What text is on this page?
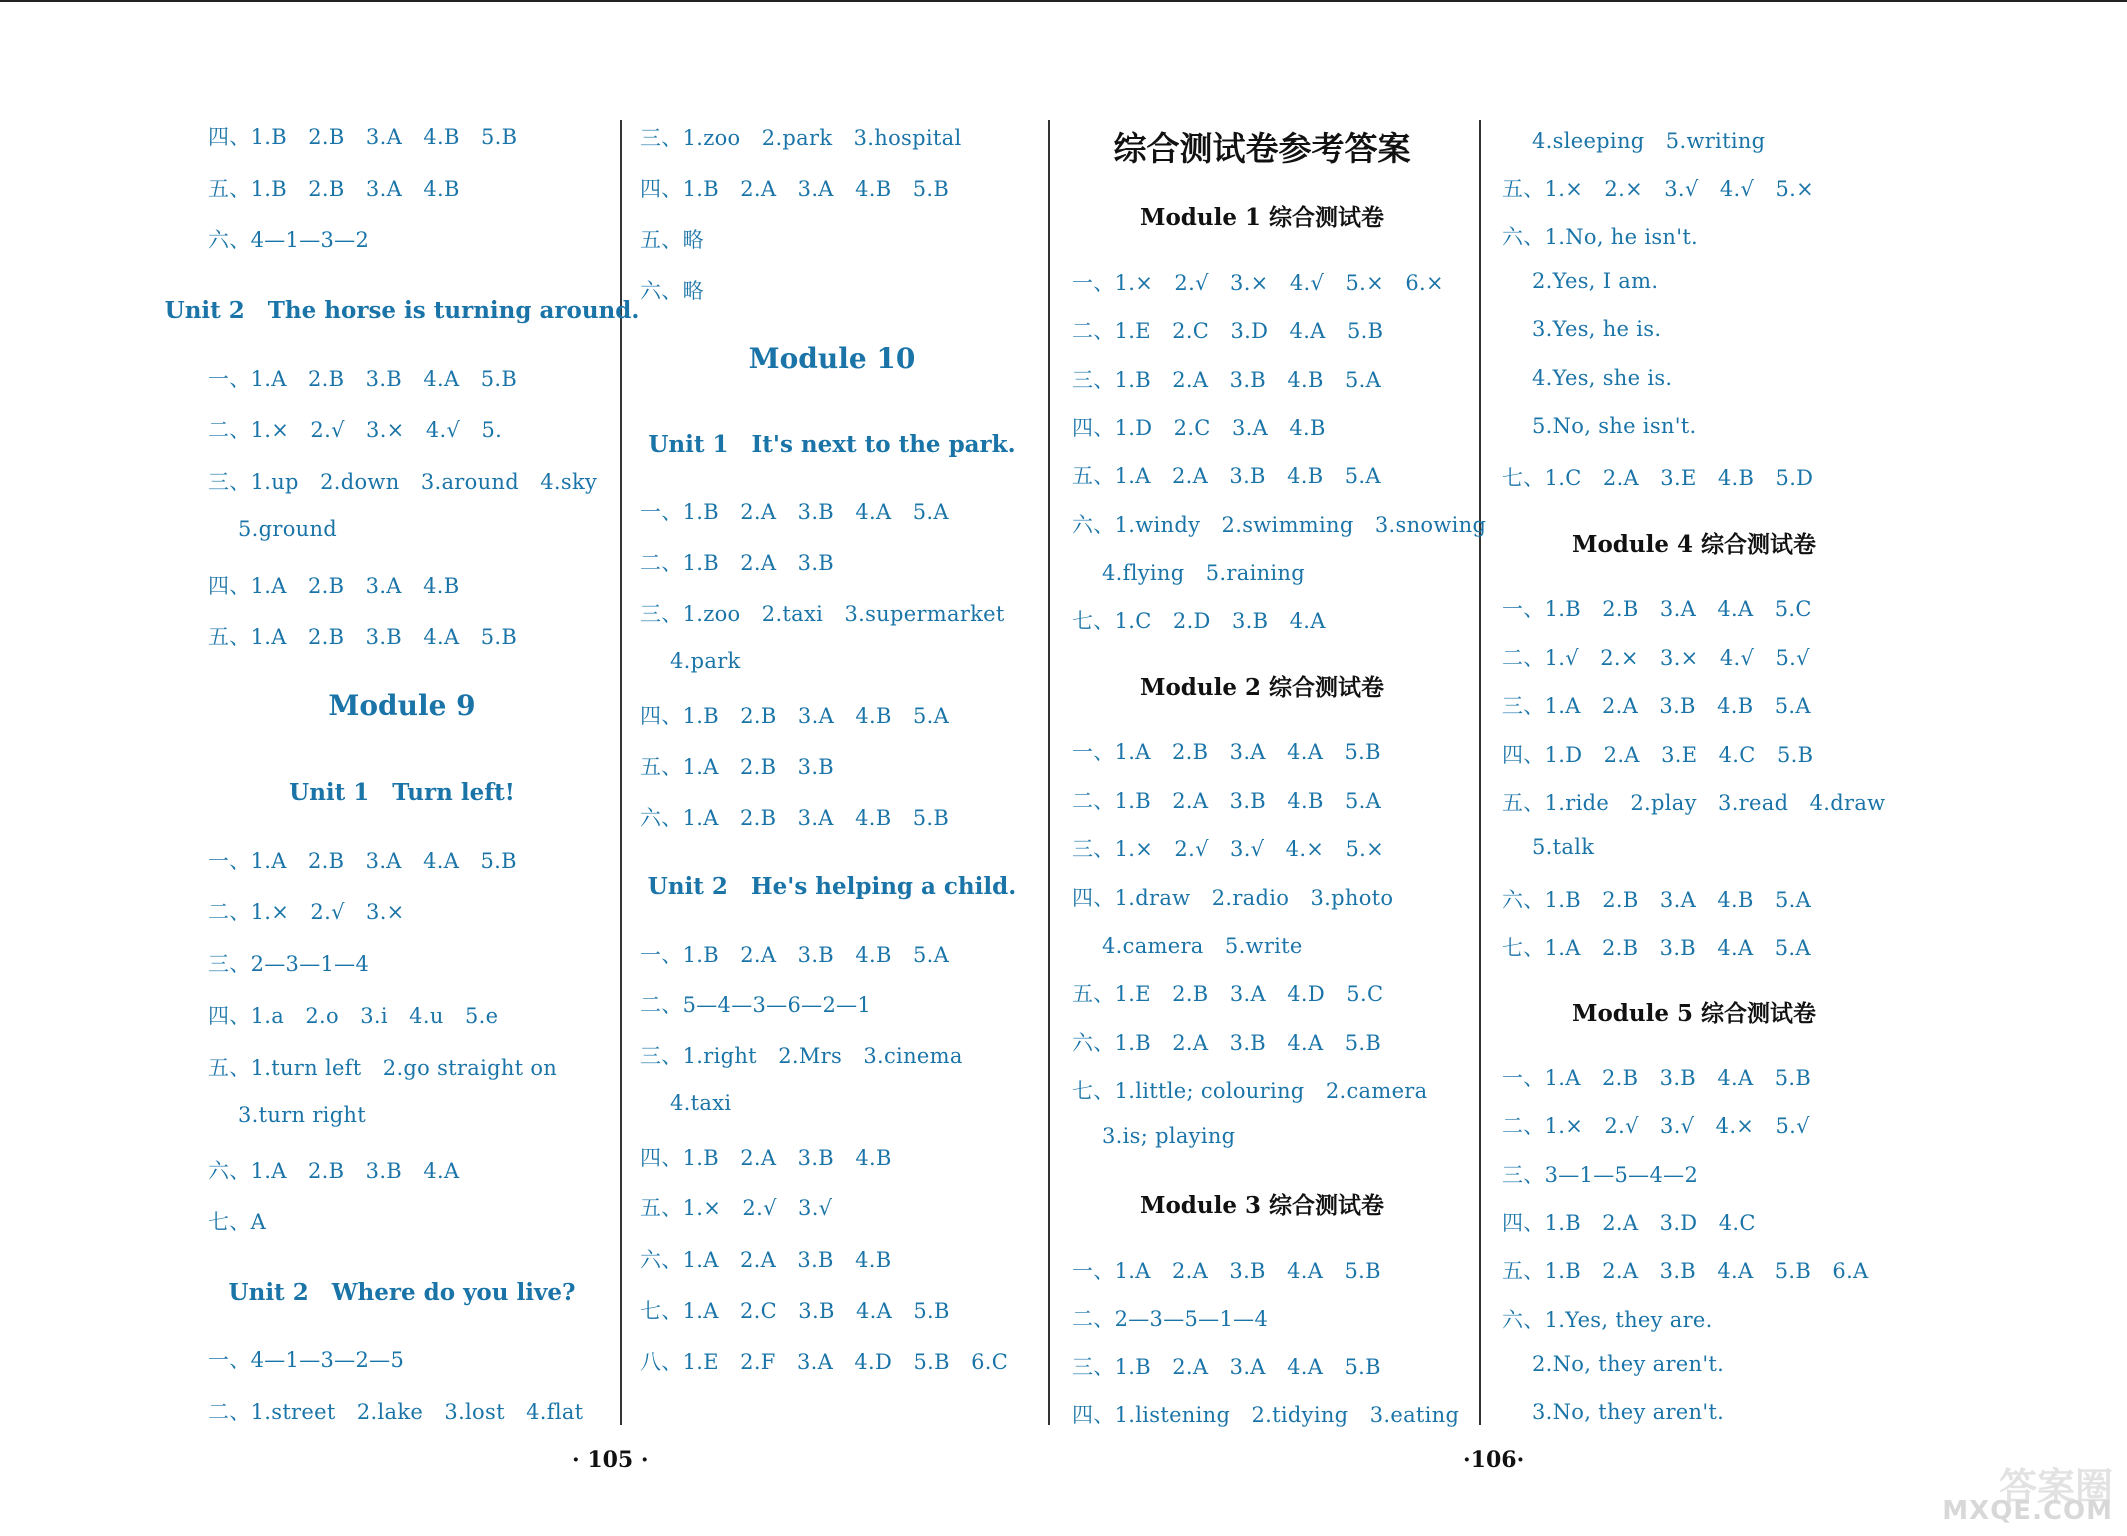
四、1.B　2.B　3.A　4.B　5.B
五、1.B　2.B　3.A　4.B
六、4—1—3—2
Unit 2　The horse is turning around.
一、1.A　2.B　3.B　4.A　5.B
二、1.×　2.√　3.×　4.√　5.
三、1.up　2.down　3.around　4.sky
5.ground
四、1.A　2.B　3.A　4.B
五、1.A　2.B　3.B　4.A　5.B
Module 9
Unit 1　Turn left!
一、1.A　2.B　3.A　4.A　5.B
二、1.×　2.√　3.×
三、2—3—1—4
四、1.a　2.o　3.i　4.u　5.e
五、1.turn left　2.go straight on
3.turn right
六、1.A　2.B　3.B　4.A
七、A
Unit 2　Where do you live?
一、4—1—3—2—5
二、1.street　2.lake　3.lost　4.flat
三、1.zoo　2.park　3.hospital
四、1.B　2.A　3.A　4.B　5.B
五、略
六、略
Module 10
Unit 1　It's next to the park.
一、1.B　2.A　3.B　4.A　5.A
二、1.B　2.A　3.B
三、1.zoo　2.taxi　3.supermarket
4.park
四、1.B　2.B　3.A　4.B　5.A
五、1.A　2.B　3.B
六、1.A　2.B　3.A　4.B　5.B
Unit 2　He's helping a child.
一、1.B　2.A　3.B　4.B　5.A
二、5—4—3—6—2—1
三、1.right　2.Mrs　3.cinema
4.taxi
四、1.B　2.A　3.B　4.B
五、1.×　2.√　3.√
六、1.A　2.A　3.B　4.B
七、1.A　2.C　3.B　4.A　5.B
八、1.E　2.F　3.A　4.D　5.B　6.C
综合测试卷参考答案
Module 1 综合测试卷
一、1.×　2.√　3.×　4.√　5.×　6.×
二、1.E　2.C　3.D　4.A　5.B
三、1.B　2.A　3.B　4.B　5.A
四、1.D　2.C　3.A　4.B
五、1.A　2.A　3.B　4.B　5.A
六、1.windy　2.swimming　3.snowing
4.flying　5.raining
七、1.C　2.D　3.B　4.A
Module 2 综合测试卷
一、1.A　2.B　3.A　4.A　5.B
二、1.B　2.A　3.B　4.B　5.A
三、1.×　2.√　3.√　4.×　5.×
四、1.draw　2.radio　3.photo
4.camera　5.write
五、1.E　2.B　3.A　4.D　5.C
六、1.B　2.A　3.B　4.A　5.B
七、1.little; colouring　2.camera
3.is; playing
Module 3 综合测试卷
一、1.A　2.A　3.B　4.A　5.B
二、2—3—5—1—4
三、1.B　2.A　3.A　4.A　5.B
四、1.listening　2.tidying　3.eating
4.sleeping　5.writing
五、1.×　2.×　3.√　4.√　5.×
六、1.No, he isn't.
2.Yes, I am.
3.Yes, he is.
4.Yes, she is.
5.No, she isn't.
七、1.C　2.A　3.E　4.B　5.D
Module 4 综合测试卷
一、1.B　2.B　3.A　4.A　5.C
二、1.√　2.×　3.×　4.√　5.√
三、1.A　2.A　3.B　4.B　5.A
四、1.D　2.A　3.E　4.C　5.B
五、1.ride　2.play　3.read　4.draw
5.talk
六、1.B　2.B　3.A　4.B　5.A
七、1.A　2.B　3.B　4.A　5.A
Module 5 综合测试卷
一、1.A　2.B　3.B　4.A　5.B
二、1.×　2.√　3.√　4.×　5.√
三、3—1—5—4—2
四、1.B　2.A　3.D　4.C
五、1.B　2.A　3.B　4.A　5.B　6.A
六、1.Yes, they are.
2.No, they aren't.
3.No, they aren't.
· 105 ·	·106·
答案圈
MXQE.COM
